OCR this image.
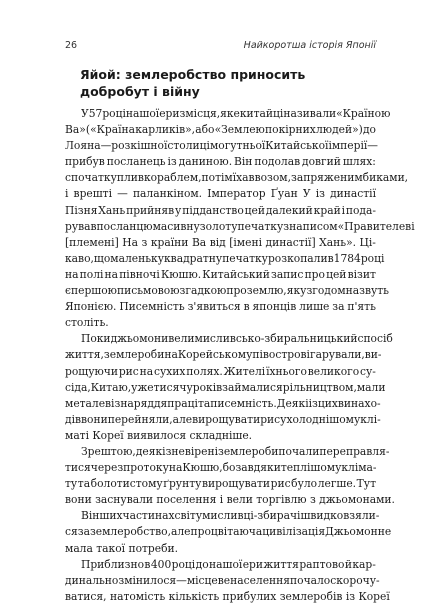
26	Найкоротша історія Японії
Яйой: землеробство приносить
добробут і війну

У 57 році нашої ери з місця, яке китайці називали «Країною
Ва» («Країна карликів», або «Землею покірних людей») до
Лояна — розкішної столиці могутньої Китайської імперії —
прибув посланець із даниною. Він подолав довгий шлях:
спочатку плив кораблем, потім їхав возом, запряженим биками,
і врешті — паланкіном. Імператор Ґуан У із династії
Пізня Хань прийняв у підданство цей далекий край і пода-
рував посланцю масивну золоту печатку з написом «Правителеві
[племені] На з країни Ва від [імені династії] Хань». Ці-
каво, що маленьку квадратну печатку розкопали в 1784 році
на полі на півночі Кюшю. Китайський запис про цей візит
є першою письмовою згадкою про землю, яку згодом назвуть
Японією. Писемність з'явиться в японців лише за п'ять
століть.

Поки джьомони вели мисливсько-збиральницький спосіб
життя, землероби на Корейському півострові гарували, ви-
рощуючи рис на сухих полях. Жителі їхнього великого су-
сіда, Китаю, уже тисячу років займалися рільництвом, мали
металеві знаряддя праці та писемність. Деякі із цих винахо-
дів вони перейняли, але вирощувати рис у холоднішому клі-
маті Кореї виявилося складніше.

Зрештою, деякі зневірені землероби почали переправля-
тися через протоку на Кюшю, бо завдяки теплішому кліма-
ту та болотистому ґрунту вирощувати рис було легше. Тут
вони заснували поселення і вели торгівлю з джьомонами.

В інших частинах світу мисливці-збирачі швидко взяли-
ся за землеробство, але процвітаюча цивілізація Джьомон не
мала такої потреби.

Приблизно в 400 році до нашої ери життя раптово й кар-
динально змінилося — місцеве населення почало скорочу-
ватися, натомість кількість прибулих землеробів із Кореї
